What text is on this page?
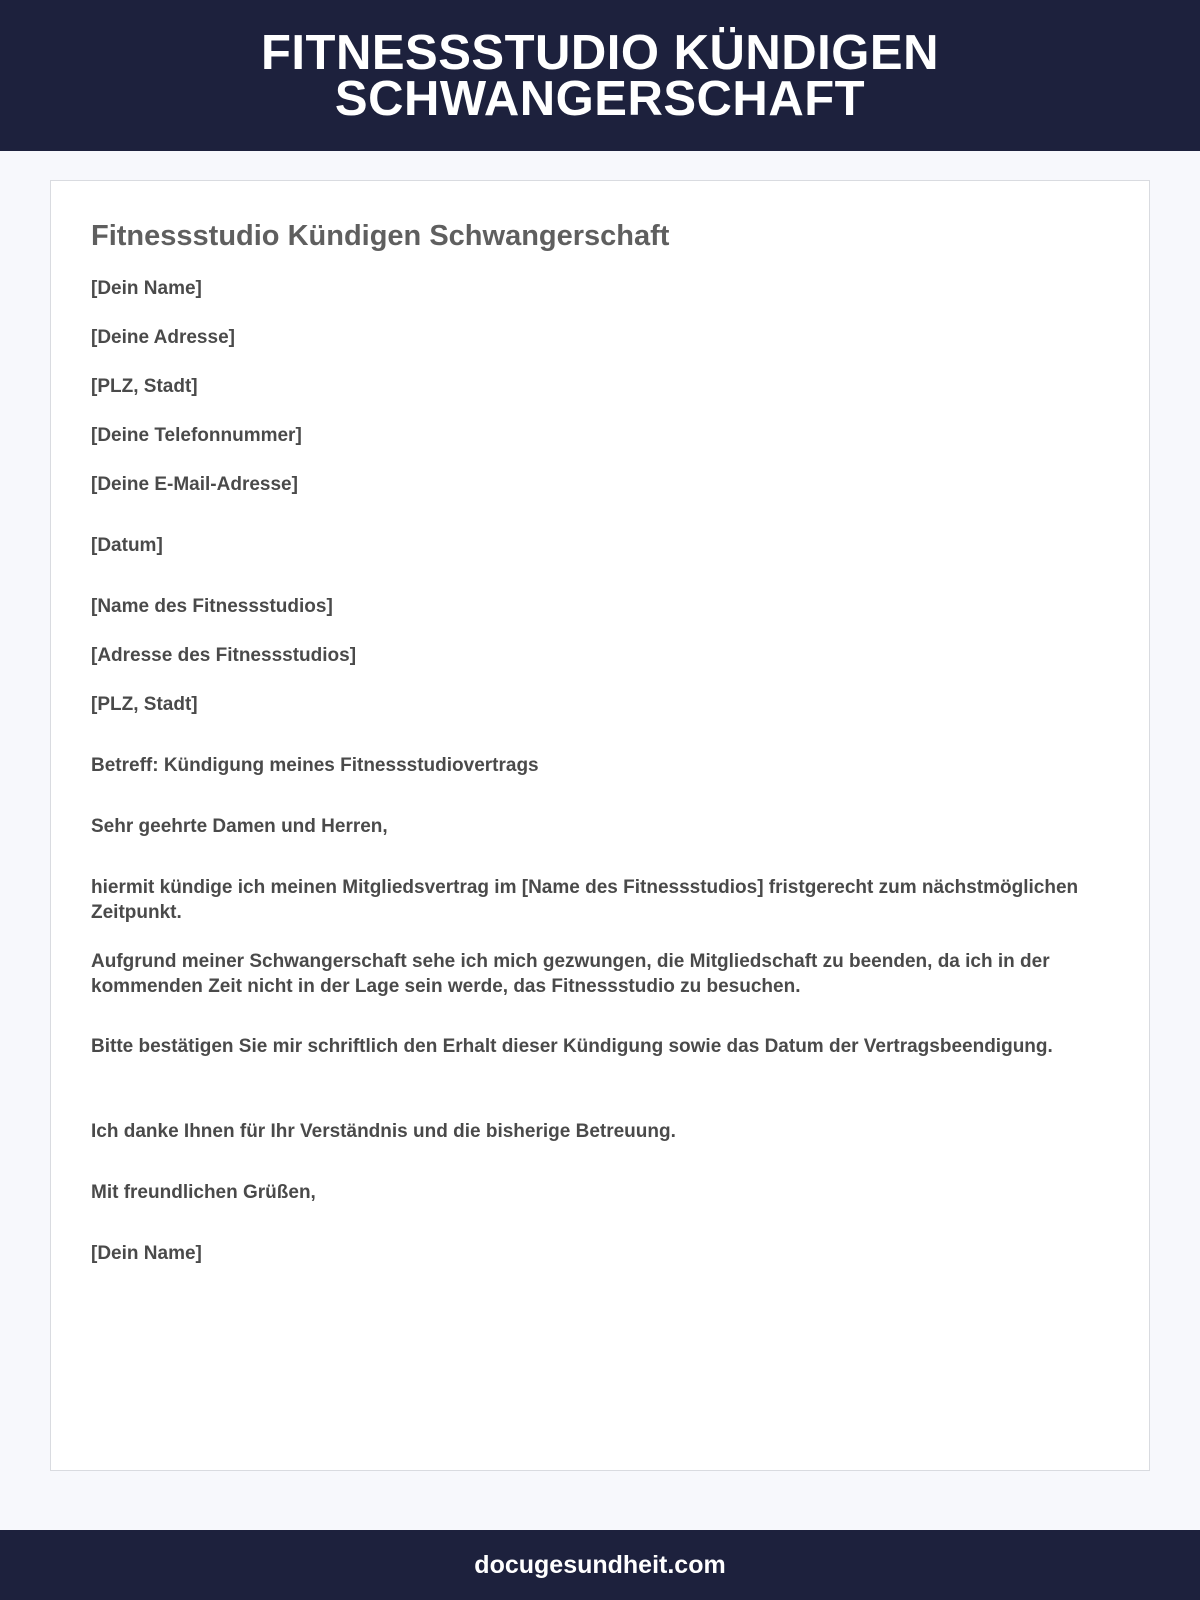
FITNESSSTUDIO KÜNDIGEN SCHWANGERSCHAFT
Fitnessstudio Kündigen Schwangerschaft

[Dein Name]

[Deine Adresse]

[PLZ, Stadt]

[Deine Telefonnummer]

[Deine E-Mail-Adresse]

[Datum]

[Name des Fitnessstudios]

[Adresse des Fitnessstudios]

[PLZ, Stadt]

Betreff: Kündigung meines Fitnessstudiovertrags

Sehr geehrte Damen und Herren,

hiermit kündige ich meinen Mitgliedsvertrag im [Name des Fitnessstudios] fristgerecht zum nächstmöglichen Zeitpunkt.

Aufgrund meiner Schwangerschaft sehe ich mich gezwungen, die Mitgliedschaft zu beenden, da ich in der kommenden Zeit nicht in der Lage sein werde, das Fitnessstudio zu besuchen.

Bitte bestätigen Sie mir schriftlich den Erhalt dieser Kündigung sowie das Datum der Vertragsbeendigung.

Ich danke Ihnen für Ihr Verständnis und die bisherige Betreuung.

Mit freundlichen Grüßen,

[Dein Name]

docugesundheit.com
